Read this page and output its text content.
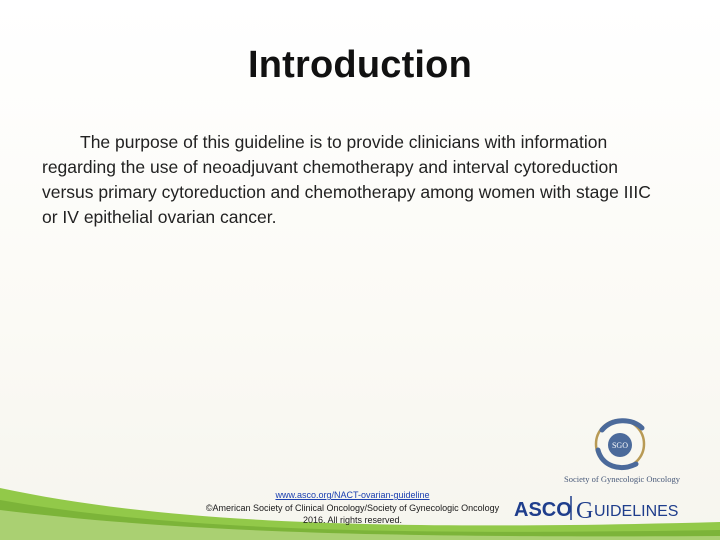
Introduction
The purpose of this guideline is to provide clinicians with information regarding the use of neoadjuvant chemotherapy and interval cytoreduction versus primary cytoreduction and chemotherapy among women with stage IIIC or IV epithelial ovarian cancer.
www.asco.org/NACT-ovarian-guideline
©American Society of Clinical Oncology/Society of Gynecologic Oncology 2016. All rights reserved.
SGO
Society of Gynecologic Oncology
ASCO G UIDELINES
